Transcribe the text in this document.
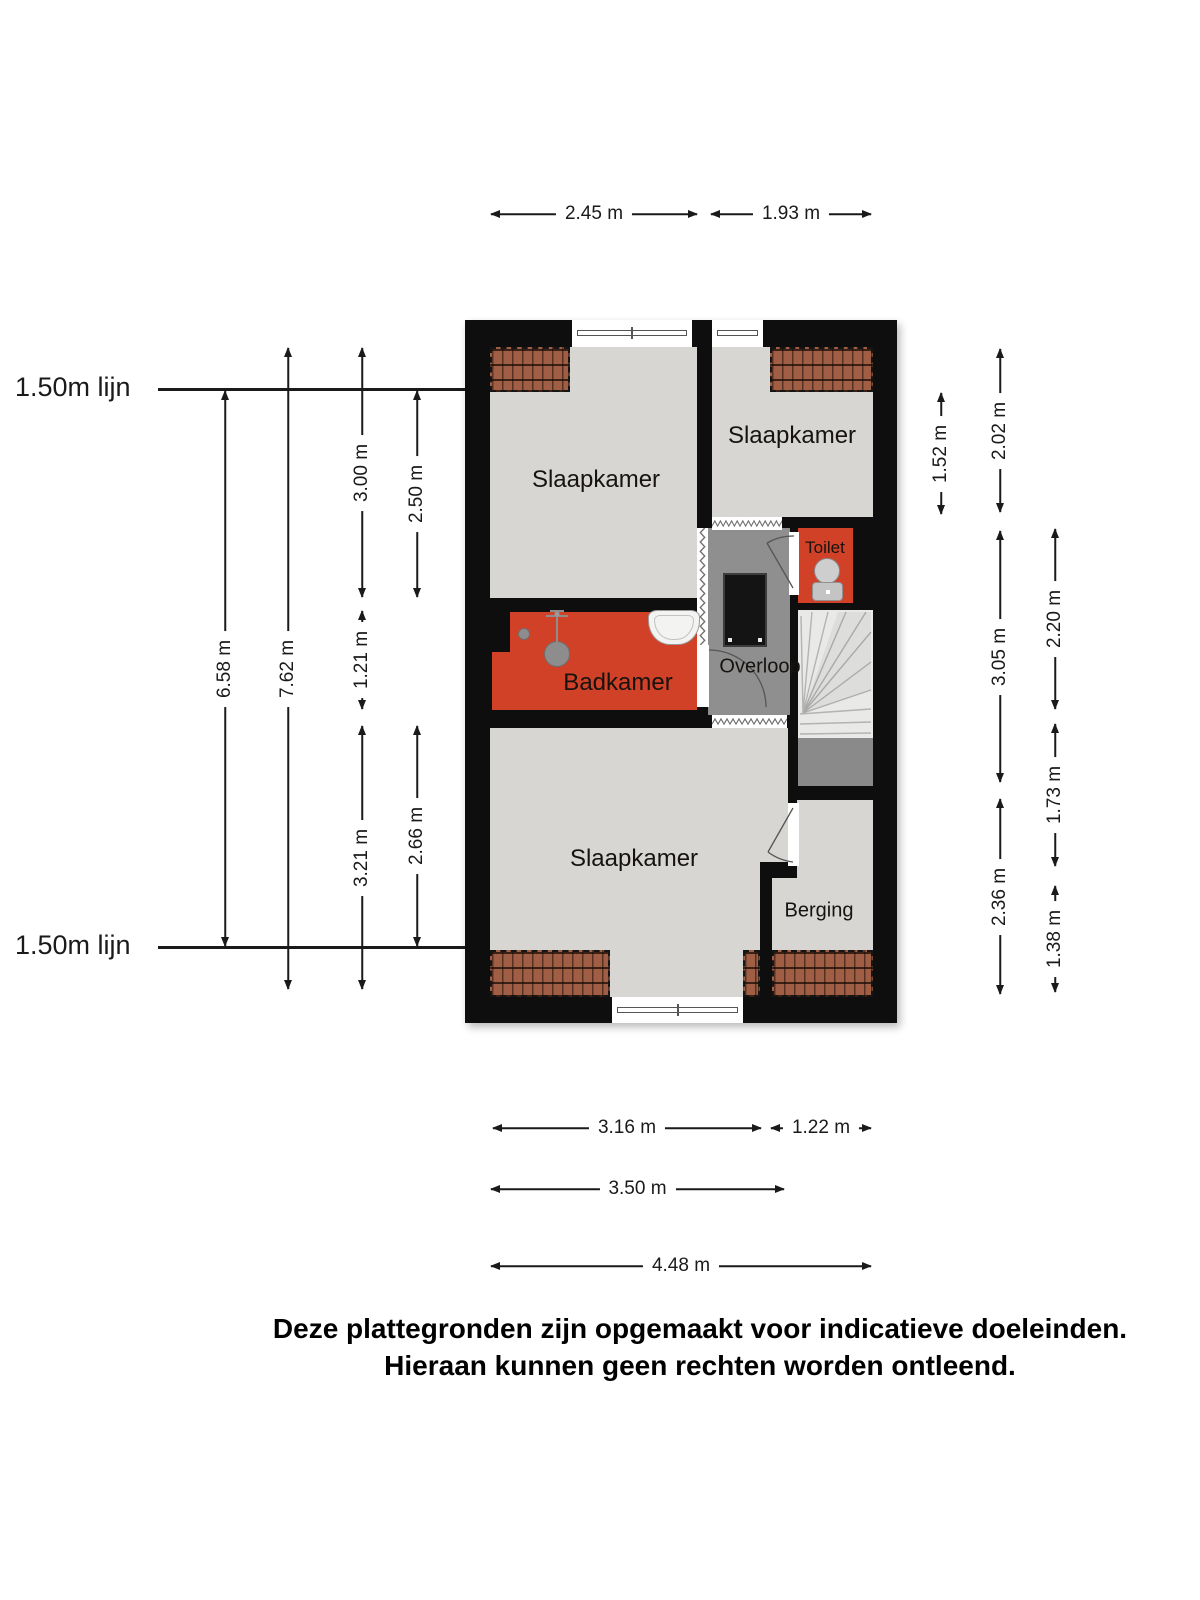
2.45 m	1.93 m
1.50m lijn
1.50m lijn
6.58 m 7.62 m
3.00 m 2.50 m
1.21 m
3.21 m 2.66 m
1.52 m 2.02 m
3.05 m
2.36 m
2.20 m
1.73 m
1.38 m
3.16 m	1.22 m
3.50 m
4.48 m
Slaapkamer
Slaapkamer
Toilet
Overloop
Badkamer
Slaapkamer
Berging
Deze plattegronden zijn opgemaakt voor indicatieve doeleinden.
Hieraan kunnen geen rechten worden ontleend.
